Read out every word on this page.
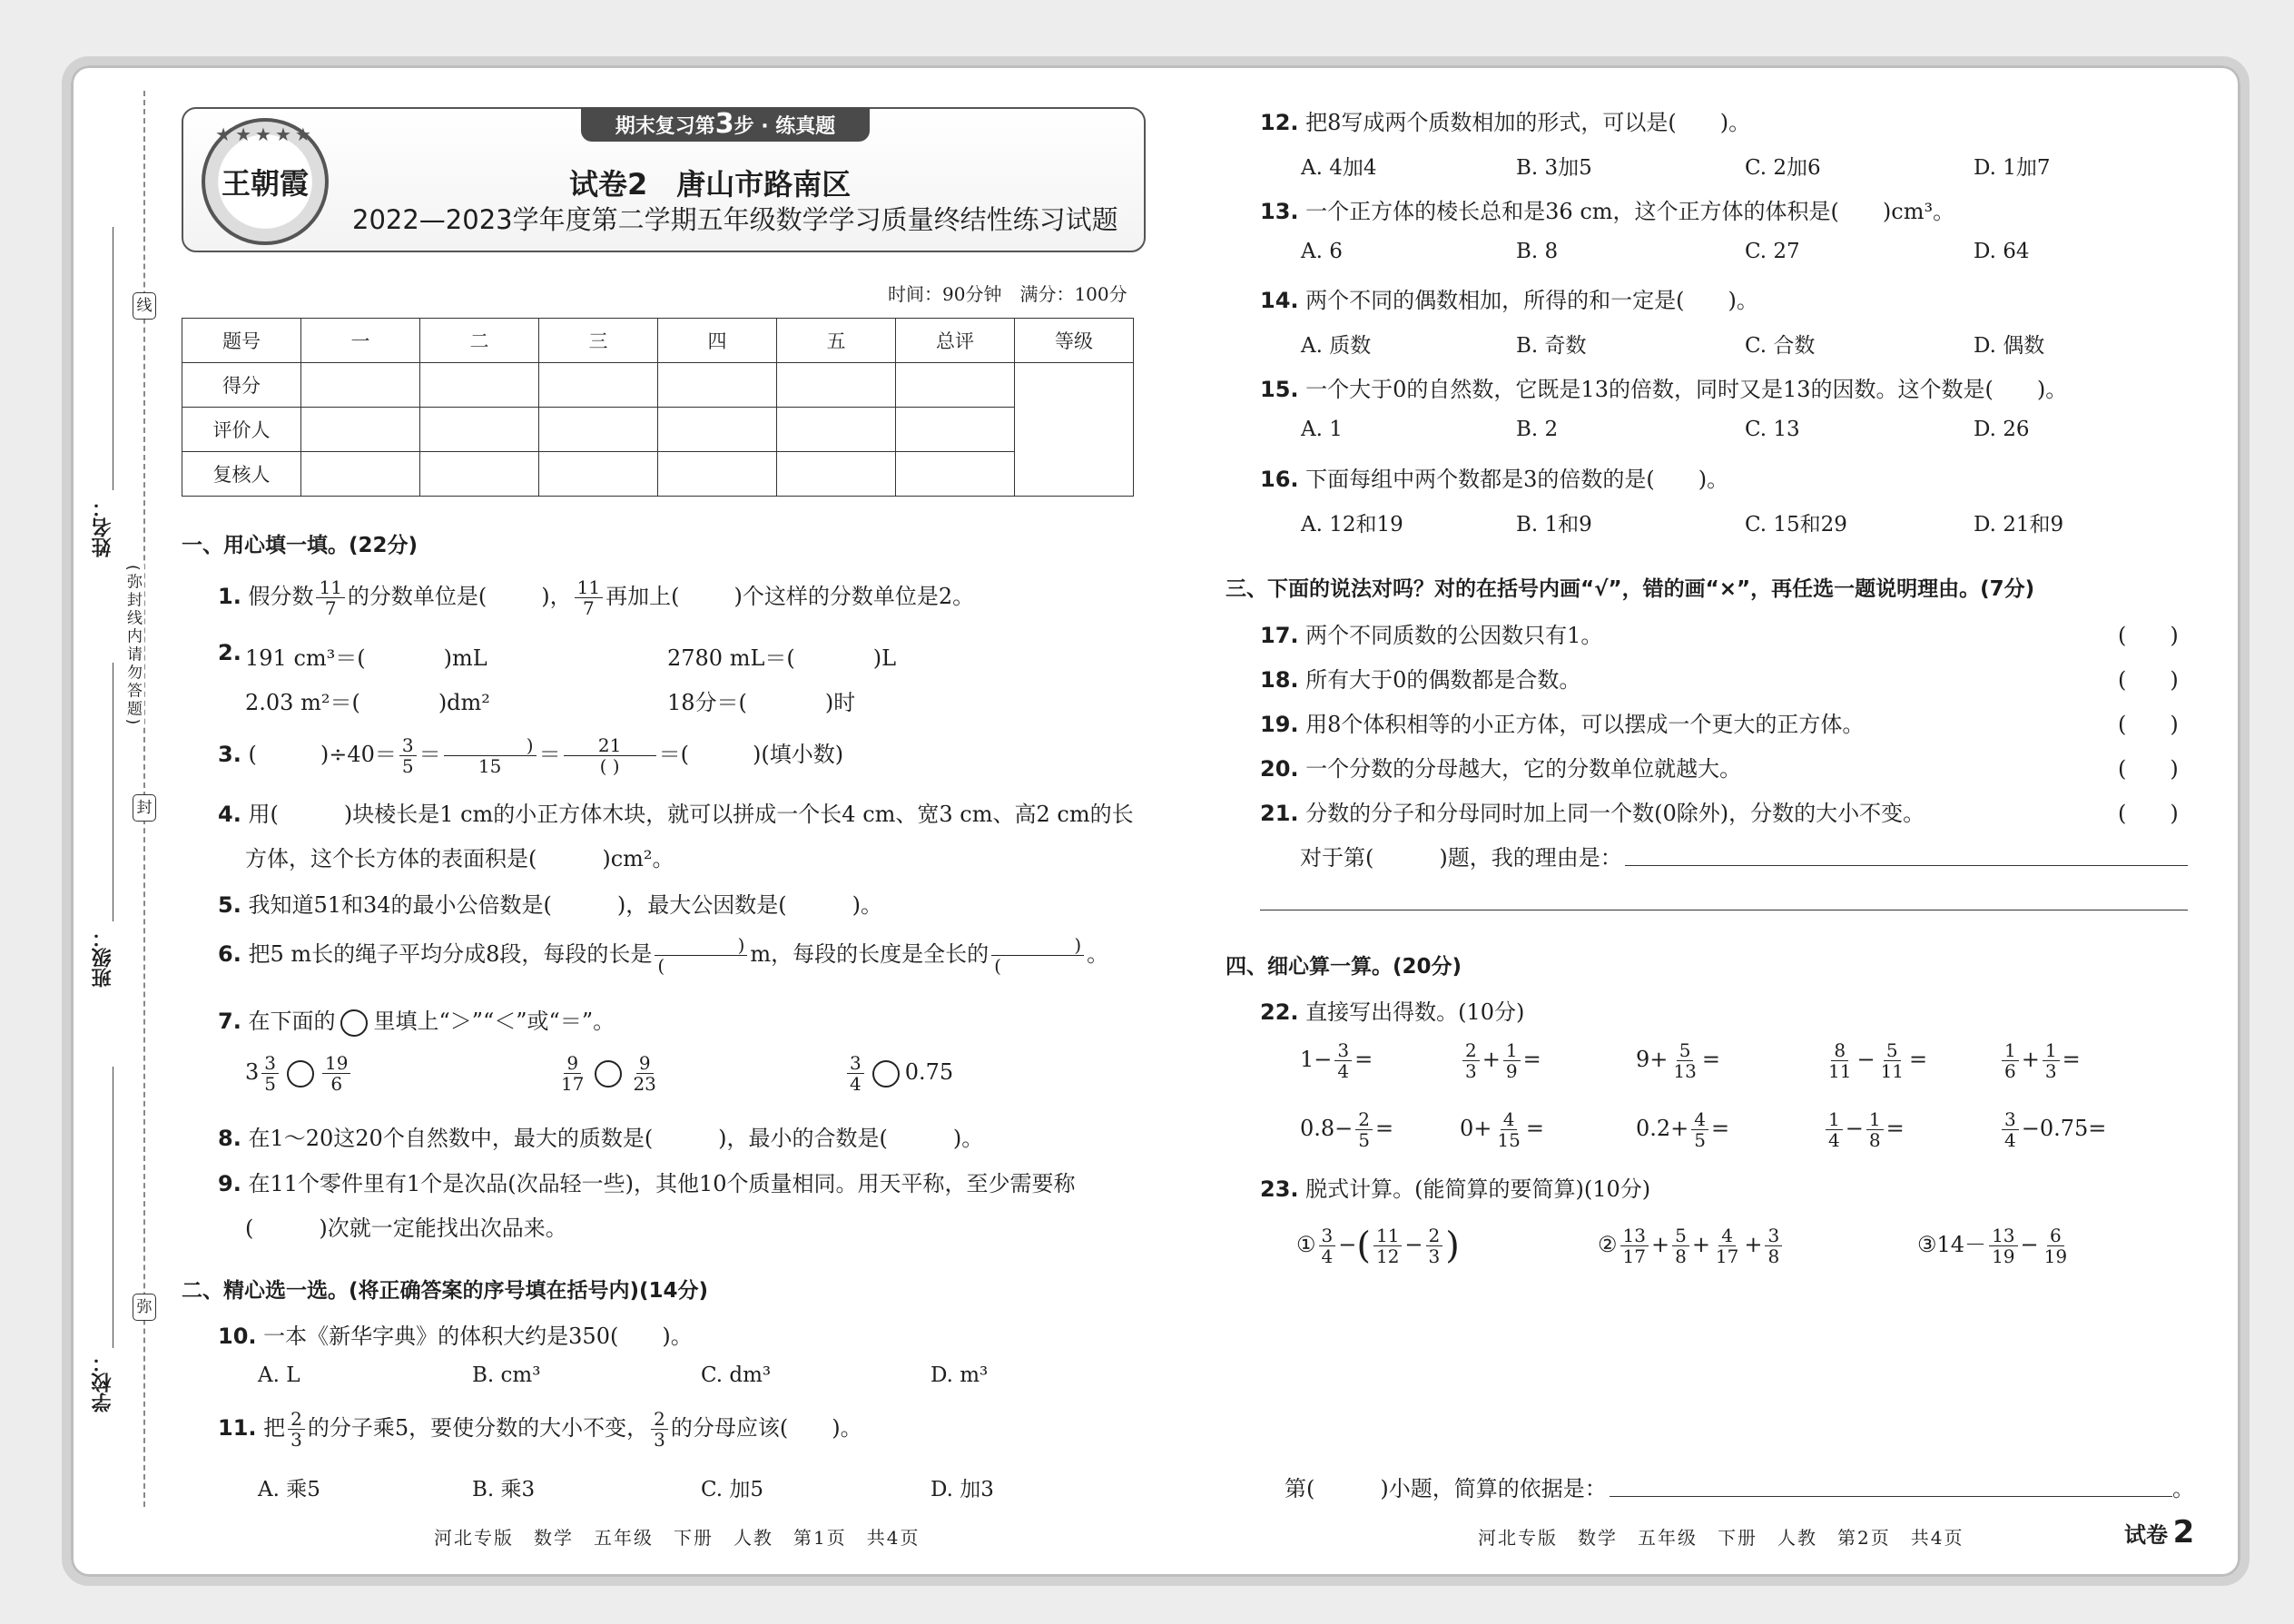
线
封
弥
(弥封线内请勿答题)
姓名：
班级：
学校：
期末复习第3步 · 练真题
★★★★★
王朝霞	试卷2　唐山市路南区
2022—2023学年度第二学期五年级数学学习质量终结性练习试题
时间：90分钟　满分：100分
题号	一	二	三	四	五	总评	等级
得分							
评价人							
复核人							
一、用心填一填。(22分)
1. 假分数 $\frac{11}{7}$ 的分数单位是(	)， $\frac{11}{7}$ 再加上(	)个这样的分数单位是2。
2. 191 cm³＝(	)mL	2780 mL＝(	)L
2.03 m²＝(	)dm²	18分＝(	)时
3. (	)$\div 40= \frac{3}{5} = \frac{)}{15} = \frac{21}{( )}$ ＝(	)(填小数)
4. 用(　　　)块棱长是1 cm的小正方体木块，就可以拼成一个长4 cm、宽3 cm、高2 cm的长
方体，这个长方体的表面积是(　　　)cm²。
5. 我知道51和34的最小公倍数是(　　　)，最大公因数是(　　　)。
6. 把5 m长的绳子平均分成8段，每段的长是 $\frac{)}{(}$ m，每段的长度是全长的 $\frac{)}{(}$ 。
7. 在下面的 里填上“＞”“＜”或“＝”。
$3 \frac{3}{5} \frac{19}{6}$	$\frac{9}{17} \frac{9}{23}$	$\frac{3}{4} 0.75$
8. 在1～20这20个自然数中，最大的质数是(　　　)，最小的合数是(　　　)。
9. 在11个零件里有1个是次品(次品轻一些)，其他10个质量相同。用天平称，至少需要称
(　　　)次就一定能找出次品来。
二、精心选一选。(将正确答案的序号填在括号内)(14分)
10. 一本《新华字典》的体积大约是350(　　)。
A. L	B. cm³	C. dm³	D. m³
11. 把 $\frac{2}{3}$ 的分子乘5，要使分数的大小不变， $\frac{2}{3}$ 的分母应该(　　)。
A. 乘5	B. 乘3	C. 加5	D. 加3
12. 把8写成两个质数相加的形式，可以是(　　)。
A. 4加4	B. 3加5	C. 2加6	D. 1加7
13. 一个正方体的棱长总和是36 cm，这个正方体的体积是(　　)cm³。
A. 6	B. 8	C. 27	D. 64
14. 两个不同的偶数相加，所得的和一定是(　　)。
A. 质数	B. 奇数	C. 合数	D. 偶数
15. 一个大于0的自然数，它既是13的倍数，同时又是13的因数。这个数是(　　)。
A. 1	B. 2	C. 13	D. 26
16. 下面每组中两个数都是3的倍数的是(　　)。
A. 12和19	B. 1和9	C. 15和29	D. 21和9
三、下面的说法对吗？对的在括号内画“√”，错的画“×”，再任选一题说明理由。(7分)
17. 两个不同质数的公因数只有1。	(　　)
18. 所有大于0的偶数都是合数。	(　　)
19. 用8个体积相等的小正方体，可以摆成一个更大的正方体。	(　　)
20. 一个分数的分母越大，它的分数单位就越大。	(　　)
21. 分数的分子和分母同时加上同一个数(0除外)，分数的大小不变。	(　　)
对于第(　　　)题，我的理由是：
四、细心算一算。(20分)
22. 直接写出得数。(10分)
$1- \frac{3}{4}$ =	$\frac{2}{3} + \frac{1}{9}$ =	$9+ \frac{5}{13}$ =	$\frac{8}{11} - \frac{5}{11}$ =	$\frac{1}{6} + \frac{1}{3}$ =
$0.8- \frac{2}{5}$ =	$0+ \frac{4}{15}$ =	$0.2+ \frac{4}{5}$ =	$\frac{1}{4} - \frac{1}{8}$ =	$\frac{3}{4} -0.75=$
23. 脱式计算。(能简算的要简算)(10分)
① $\frac{3}{4}$ −( $\frac{11}{12} - \frac{2}{3}$ )	② $\frac{13}{17} + \frac{5}{8} + \frac{4}{17} + \frac{3}{8}$	③14－ $\frac{13}{19} - \frac{6}{19}$
第(　　　)小题，简算的依据是：	。
河北专版　数学　五年级　下册　人教　第1页　共4页	河北专版　数学　五年级　下册　人教　第2页　共4页	试卷 2
